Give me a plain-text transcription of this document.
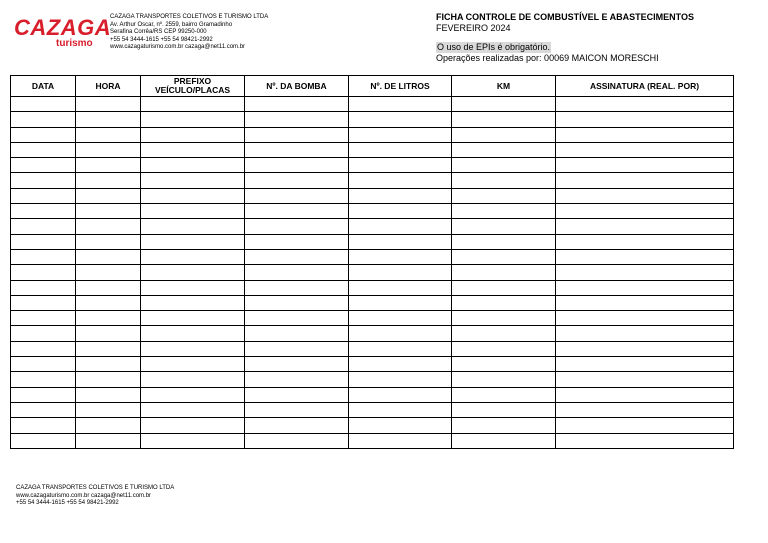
CAZAGA
turismo
CAZAGA TRANSPORTES COLETIVOS E TURISMO LTDA
Av. Arthur Oscar, nº. 2559, bairro Gramadinho
Serafina Corrêa/RS CEP 99250-000
+55 54 3444-1615 +55 54 98421-2992
www.cazagaturismo.com.br cazaga@net11.com.br
FICHA CONTROLE DE COMBUSTÍVEL E ABASTECIMENTOS
FEVEREIRO 2024
O uso de EPIs é obrigatório.
Operações realizadas por: 00069 MAICON MORESCHI
DATA	HORA	PREFIXO VEÍCULO/PLACAS	Nº. DA BOMBA	Nº. DE LITROS	KM	ASSINATURA (REAL. POR)

CAZAGA TRANSPORTES COLETIVOS E TURISMO LTDA
www.cazagaturismo.com.br cazaga@net11.com.br
+55 54 3444-1615 +55 54 98421-2992
